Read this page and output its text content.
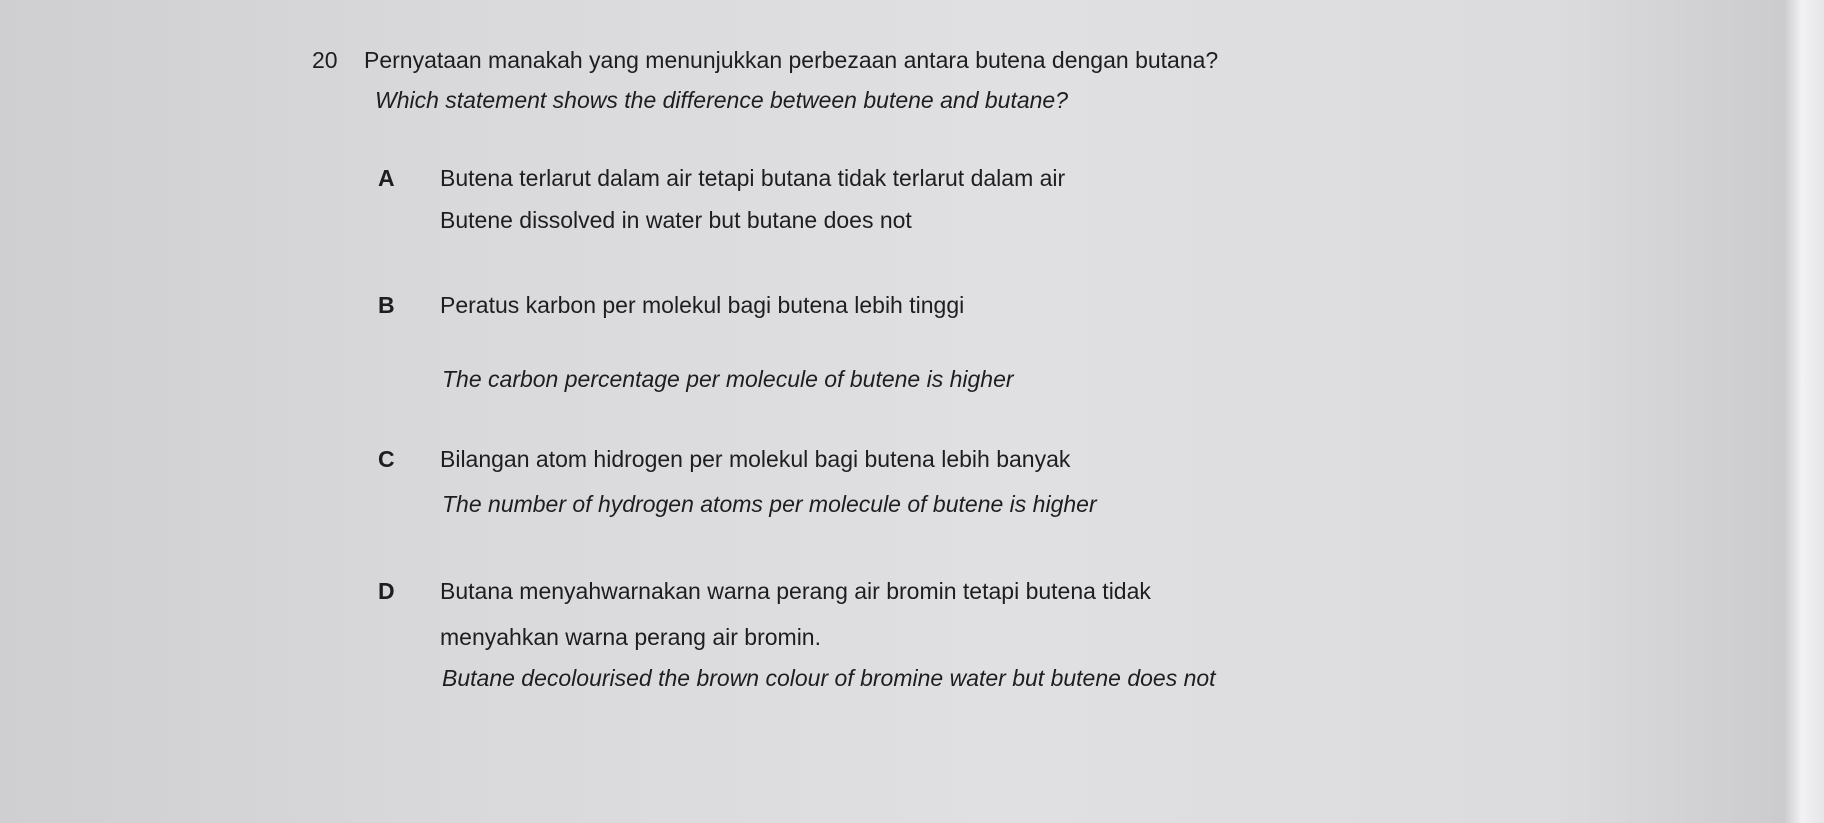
20 Pernyataan manakah yang menunjukkan perbezaan antara butena dengan butana?
Which statement shows the difference between butene and butane?
A Butena terlarut dalam air tetapi butana tidak terlarut dalam air
Butene dissolved in water but butane does not
B Peratus karbon per molekul bagi butena lebih tinggi
The carbon percentage per molecule of butene is higher
C Bilangan atom hidrogen per molekul bagi butena lebih banyak
The number of hydrogen atoms per molecule of butene is higher
D Butana menyahwarnakan warna perang air bromin tetapi butena tidak
menyahkan warna perang air bromin.
Butane decolourised the brown colour of bromine water but butene does not
